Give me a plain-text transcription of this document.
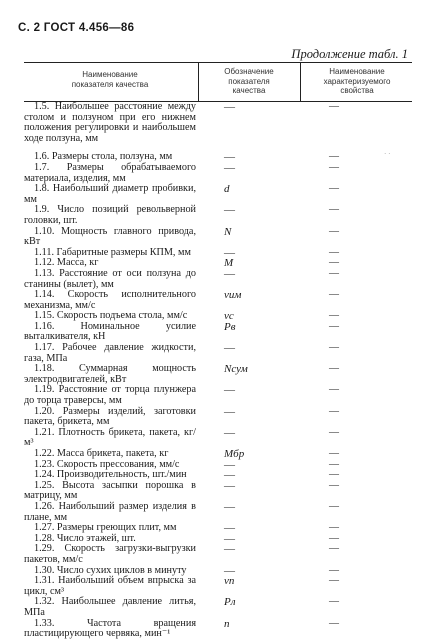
С. 2 ГОСТ 4.456—86
Продолжение табл. 1
Наименование
показателя качества
Обозначение
показателя
качества
Наименование
характеризуемого
свойства
1.5. Наибольшее расстояние между столом и ползуном при его нижнем положения регулировки и наибольшем ходе ползуна, мм
—	—
1.6. Размеры стола, ползуна, мм	—	—
1.7. Размеры обрабатываемого материала, изделия, мм
—	—
1.8. Наибольший диаметр пробивки, мм
d	—
1.9. Число позиций револьверной головки, шт.
—	—
1.10. Мощность главного привода, кВт
N	—
1.11. Габаритные размеры КПМ, мм	—	—
1.12. Масса, кг	M	—
1.13. Расстояние от оси ползуна до станины (вылет), мм
—	—
1.14. Скорость исполнительного механизма, мм/с
vим	—
1.15. Скорость подъема стола, мм/с	vс	—
1.16. Номинальное усилие выталкивателя, кН
Pв	—
1.17. Рабочее давление жидкости, газа, МПа
—	—
1.18. Суммарная мощность электродвигателей, кВт
Nсум	—
1.19. Расстояние от торца плунжера до торца траверсы, мм
—	—
1.20. Размеры изделий, заготовки пакета, брикета, мм
—	—
1.21. Плотность брикета, пакета, кг/м³
—	—
1.22. Масса брикета, пакета, кг	Mбр	—
1.23. Скорость прессования, мм/с	—	—
1.24. Производительность, шт./мин	—	—
1.25. Высота засыпки порошка в матрицу, мм
—	—
1.26. Наибольший размер изделия в плане, мм
—	—
1.27. Размеры греющих плит, мм	—	—
1.28. Число этажей, шт.	—	—
1.29. Скорость загрузки-выгрузки пакетов, мм/с
—	—
1.30. Число сухих циклов в минуту	—	—
1.31. Наибольший объем впрыска за цикл, см³
vп	—
1.32. Наибольшее давление литья, МПа
Pл	—
1.33. Частота вращения пластицирующего червяка, мин⁻¹
n	—
· ·
